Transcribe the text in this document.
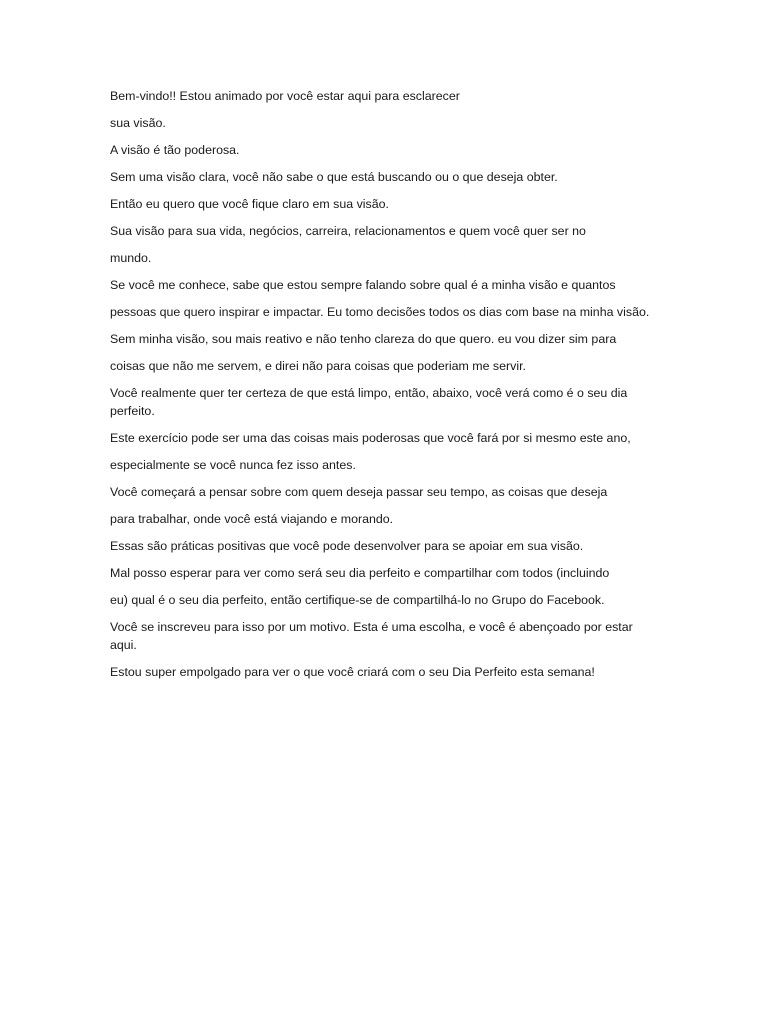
Bem-vindo!! Estou animado por você estar aqui para esclarecer

sua visão.

A visão é tão poderosa.

Sem uma visão clara, você não sabe o que está buscando ou o que deseja obter.

Então eu quero que você fique claro em sua visão.

Sua visão para sua vida, negócios, carreira, relacionamentos e quem você quer ser no

mundo.

Se você me conhece, sabe que estou sempre falando sobre qual é a minha visão e quantos

pessoas que quero inspirar e impactar. Eu tomo decisões todos os dias com base na minha visão.

Sem minha visão, sou mais reativo e não tenho clareza do que quero. eu vou dizer sim para

coisas que não me servem, e direi não para coisas que poderiam me servir.

Você realmente quer ter certeza de que está limpo, então, abaixo, você verá como é o seu dia perfeito.

Este exercício pode ser uma das coisas mais poderosas que você fará por si mesmo este ano,

especialmente se você nunca fez isso antes.

Você começará a pensar sobre com quem deseja passar seu tempo, as coisas que deseja

para trabalhar, onde você está viajando e morando.

Essas são práticas positivas que você pode desenvolver para se apoiar em sua visão.

Mal posso esperar para ver como será seu dia perfeito e compartilhar com todos (incluindo

eu) qual é o seu dia perfeito, então certifique-se de compartilhá-lo no Grupo do Facebook.

Você se inscreveu para isso por um motivo. Esta é uma escolha, e você é abençoado por estar aqui.

Estou super empolgado para ver o que você criará com o seu Dia Perfeito esta semana!
